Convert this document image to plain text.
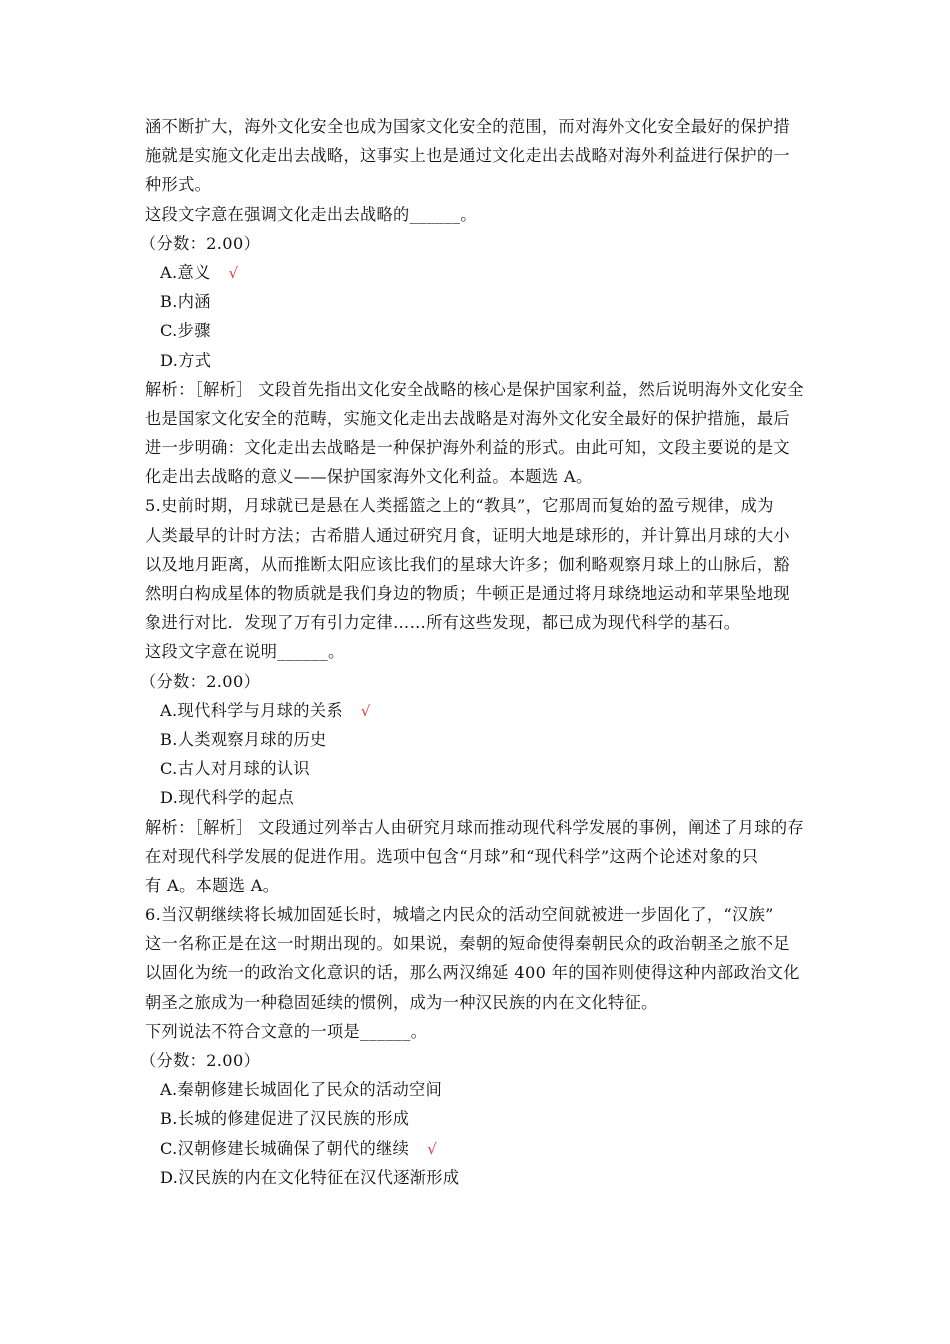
涵不断扩大，海外文化安全也成为国家文化安全的范围，而对海外文化安全最好的保护措
施就是实施文化走出去战略，这事实上也是通过文化走出去战略对海外利益进行保护的一
种形式。
这段文字意在强调文化走出去战略的______。
（分数：2.00）
A.意义 √
B.内涵
C.步骤
D.方式
解析：［解析］ 文段首先指出文化安全战略的核心是保护国家利益，然后说明海外文化安全
也是国家文化安全的范畴，实施文化走出去战略是对海外文化安全最好的保护措施，最后
进一步明确：文化走出去战略是一种保护海外利益的形式。由此可知，文段主要说的是文
化走出去战略的意义——保护国家海外文化利益。本题选 A。
5.史前时期，月球就已是悬在人类摇篮之上的“教具”，它那周而复始的盈亏规律，成为
人类最早的计时方法；古希腊人通过研究月食，证明大地是球形的，并计算出月球的大小
以及地月距离，从而推断太阳应该比我们的星球大许多；伽利略观察月球上的山脉后，豁
然明白构成星体的物质就是我们身边的物质；牛顿正是通过将月球绕地运动和苹果坠地现
象进行对比．发现了万有引力定律……所有这些发现，都已成为现代科学的基石。
这段文字意在说明______。
（分数：2.00）
A.现代科学与月球的关系 √
B.人类观察月球的历史
C.古人对月球的认识
D.现代科学的起点
解析：［解析］ 文段通过列举古人由研究月球而推动现代科学发展的事例，阐述了月球的存
在对现代科学发展的促进作用。选项中包含“月球”和“现代科学”这两个论述对象的只
有 A。本题选 A。
6.当汉朝继续将长城加固延长时，城墙之内民众的活动空间就被进一步固化了，“汉族”
这一名称正是在这一时期出现的。如果说，秦朝的短命使得秦朝民众的政治朝圣之旅不足
以固化为统一的政治文化意识的话，那么两汉绵延 400 年的国祚则使得这种内部政治文化
朝圣之旅成为一种稳固延续的惯例，成为一种汉民族的内在文化特征。
下列说法不符合文意的一项是______。
（分数：2.00）
A.秦朝修建长城固化了民众的活动空间
B.长城的修建促进了汉民族的形成
C.汉朝修建长城确保了朝代的继续 √
D.汉民族的内在文化特征在汉代逐渐形成
